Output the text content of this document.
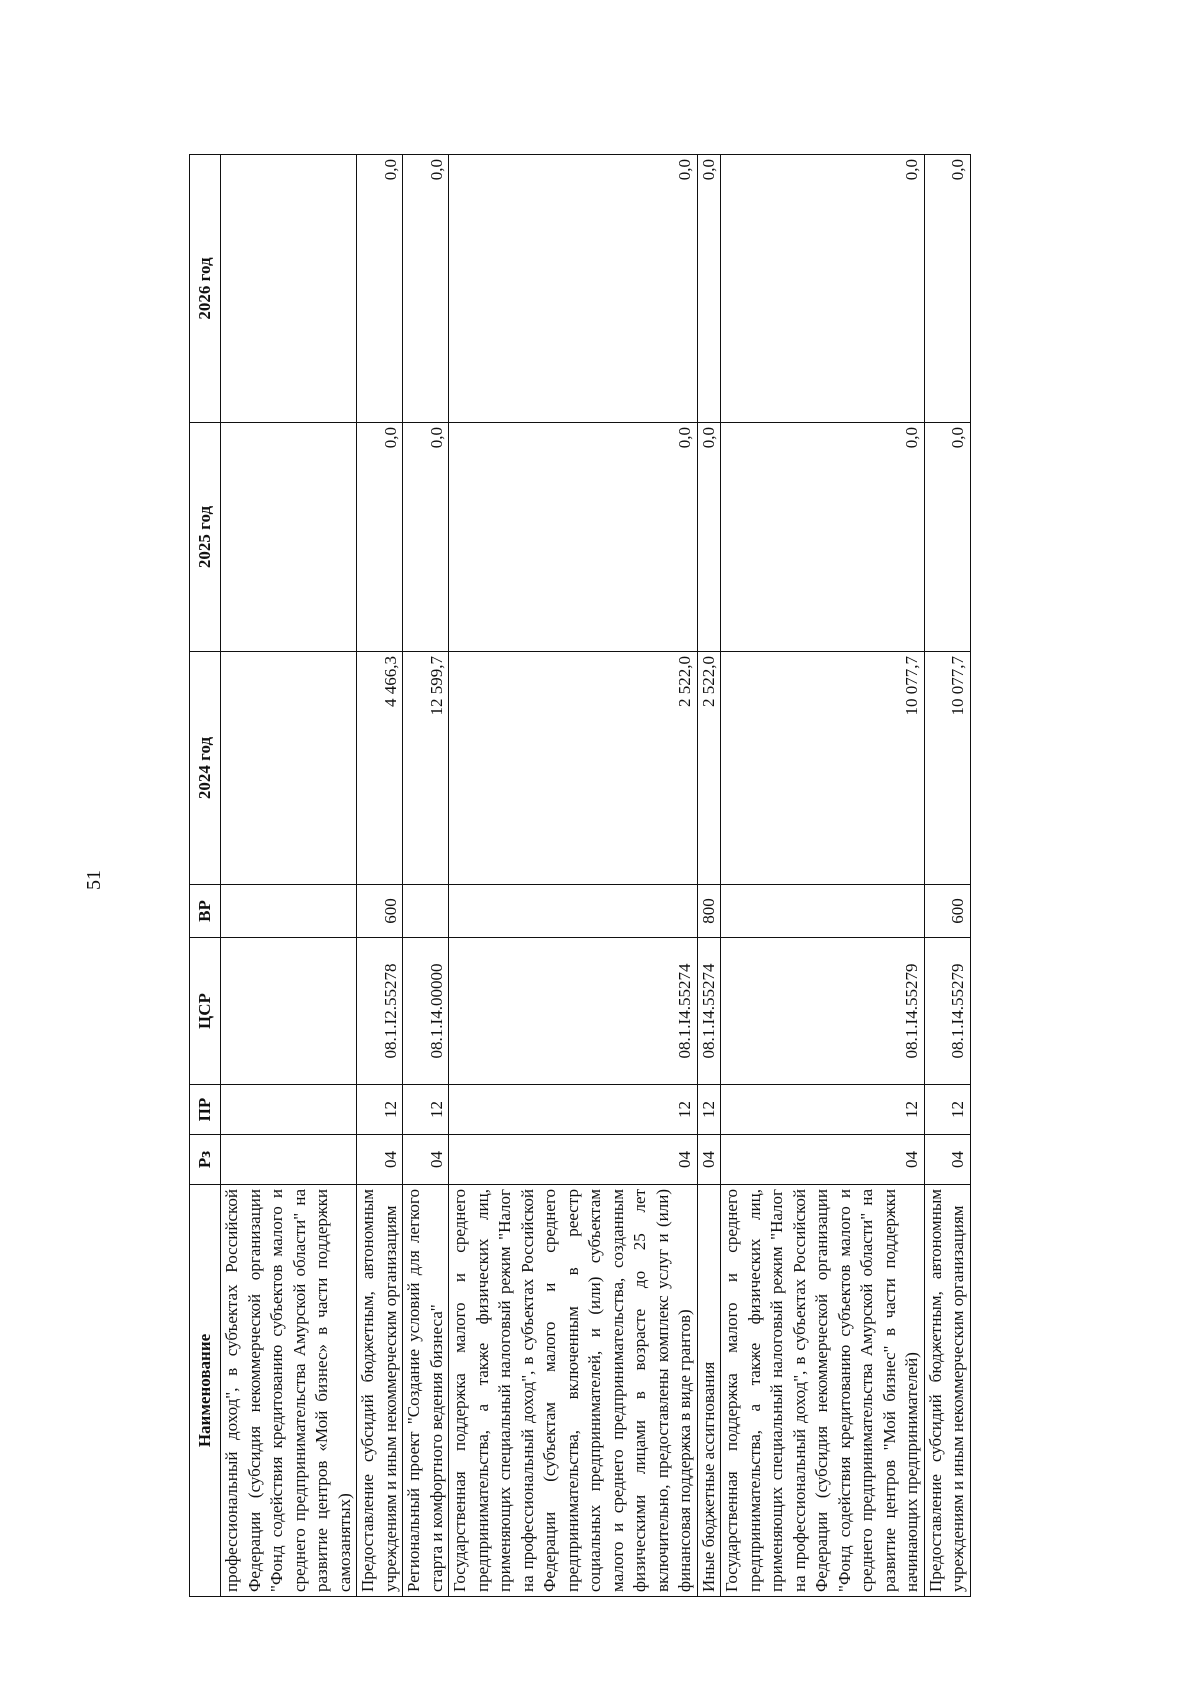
51
Наименование	Рз	ПР	ЦСР	ВР	2024 год	2025 год	2026 год
профессиональный доход", в субъектах Российской Федерации (субсидия некоммерческой организации "Фонд содействия кредитованию субъектов малого и среднего предпринимательства Амурской области" на развитие центров «Мой бизнес» в части поддержки самозанятых)							
Предоставление субсидий бюджетным, автономным учреждениям и иным некоммерческим организациям	04	12	08.1.I2.55278	600	4 466,3	0,0	0,0
Региональный проект "Создание условий для легкого старта и комфортного ведения бизнеса"	04	12	08.1.I4.00000		12 599,7	0,0	0,0
Государственная поддержка малого и среднего предпринимательства, а также физических лиц, применяющих специальный налоговый режим "Налог на профессиональный доход", в субъектах Российской Федерации (субъектам малого и среднего предпринимательства, включенным в реестр социальных предпринимателей, и (или) субъектам малого и среднего предпринимательства, созданным физическими лицами в возрасте до 25 лет включительно, предоставлены комплекс услуг и (или) финансовая поддержка в виде грантов)	04	12	08.1.I4.55274		2 522,0	0,0	0,0
Иные бюджетные ассигнования	04	12	08.1.I4.55274	800	2 522,0	0,0	0,0
Государственная поддержка малого и среднего предпринимательства, а также физических лиц, применяющих специальный налоговый режим "Налог на профессиональный доход", в субъектах Российской Федерации (субсидия некоммерческой организации "Фонд содействия кредитованию субъектов малого и среднего предпринимательства Амурской области" на развитие центров "Мой бизнес" в части поддержки начинающих предпринимателей)	04	12	08.1.I4.55279		10 077,7	0,0	0,0
Предоставление субсидий бюджетным, автономным учреждениям и иным некоммерческим организациям	04	12	08.1.I4.55279	600	10 077,7	0,0	0,0
